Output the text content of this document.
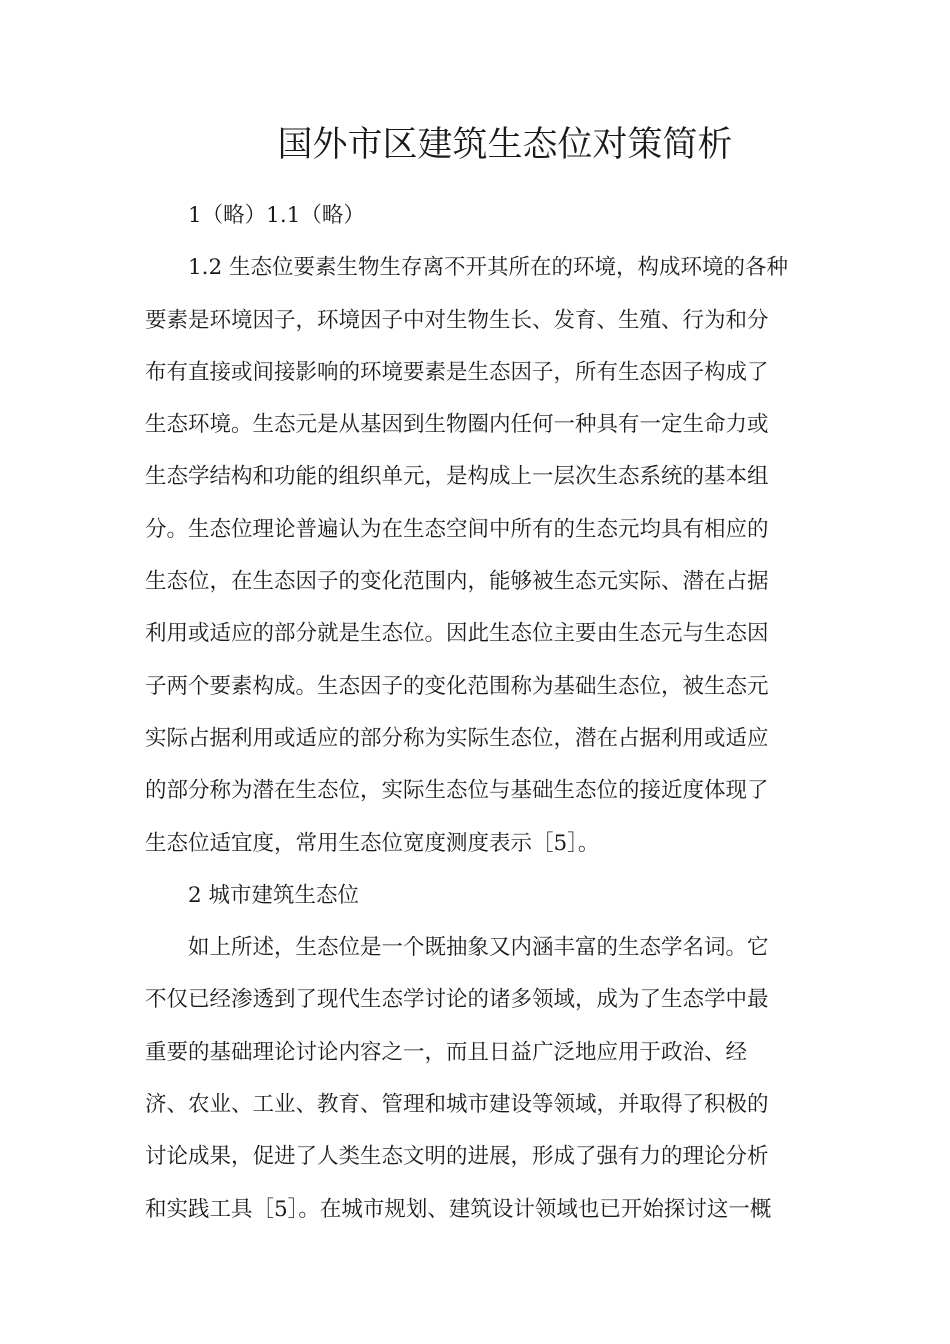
国外市区建筑生态位对策简析

1（略）1.1（略）

1.2 生态位要素生物生存离不开其所在的环境，构成环境的各种
要素是环境因子，环境因子中对生物生长、发育、生殖、行为和分
布有直接或间接影响的环境要素是生态因子，所有生态因子构成了
生态环境。生态元是从基因到生物圈内任何一种具有一定生命力或
生态学结构和功能的组织单元，是构成上一层次生态系统的基本组
分。生态位理论普遍认为在生态空间中所有的生态元均具有相应的
生态位，在生态因子的变化范围内，能够被生态元实际、潜在占据
利用或适应的部分就是生态位。因此生态位主要由生态元与生态因
子两个要素构成。生态因子的变化范围称为基础生态位，被生态元
实际占据利用或适应的部分称为实际生态位，潜在占据利用或适应
的部分称为潜在生态位，实际生态位与基础生态位的接近度体现了
生态位适宜度，常用生态位宽度测度表示［5］。

2 城市建筑生态位

如上所述，生态位是一个既抽象又内涵丰富的生态学名词。它
不仅已经渗透到了现代生态学讨论的诸多领域，成为了生态学中最
重要的基础理论讨论内容之一，而且日益广泛地应用于政治、经
济、农业、工业、教育、管理和城市建设等领域，并取得了积极的
讨论成果，促进了人类生态文明的进展，形成了强有力的理论分析
和实践工具［5］。在城市规划、建筑设计领域也已开始探讨这一概
